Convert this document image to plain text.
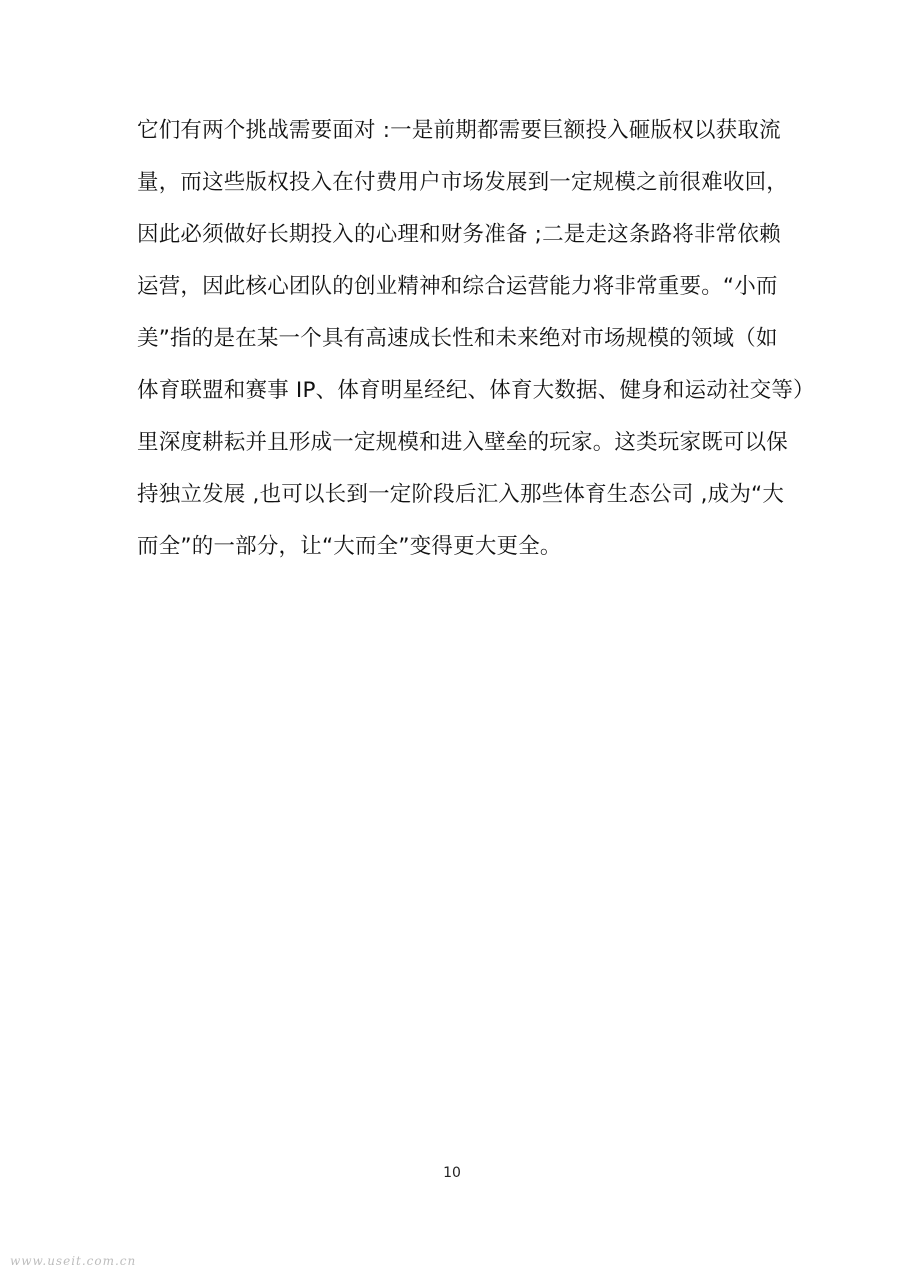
它们有两个挑战需要面对 :一是前期都需要巨额投入砸版权以获取流
量，而这些版权投入在付费用户市场发展到一定规模之前很难收回，
因此必须做好长期投入的心理和财务准备 ;二是走这条路将非常依赖
运营，因此核心团队的创业精神和综合运营能力将非常重要。“小而
美”指的是在某一个具有高速成长性和未来绝对市场规模的领域（如
体育联盟和赛事 IP、体育明星经纪、体育大数据、健身和运动社交等）
里深度耕耘并且形成一定规模和进入壁垒的玩家。这类玩家既可以保
持独立发展 ,也可以长到一定阶段后汇入那些体育生态公司 ,成为“大
而全”的一部分，让“大而全”变得更大更全。
10
www.useit.com.cn
